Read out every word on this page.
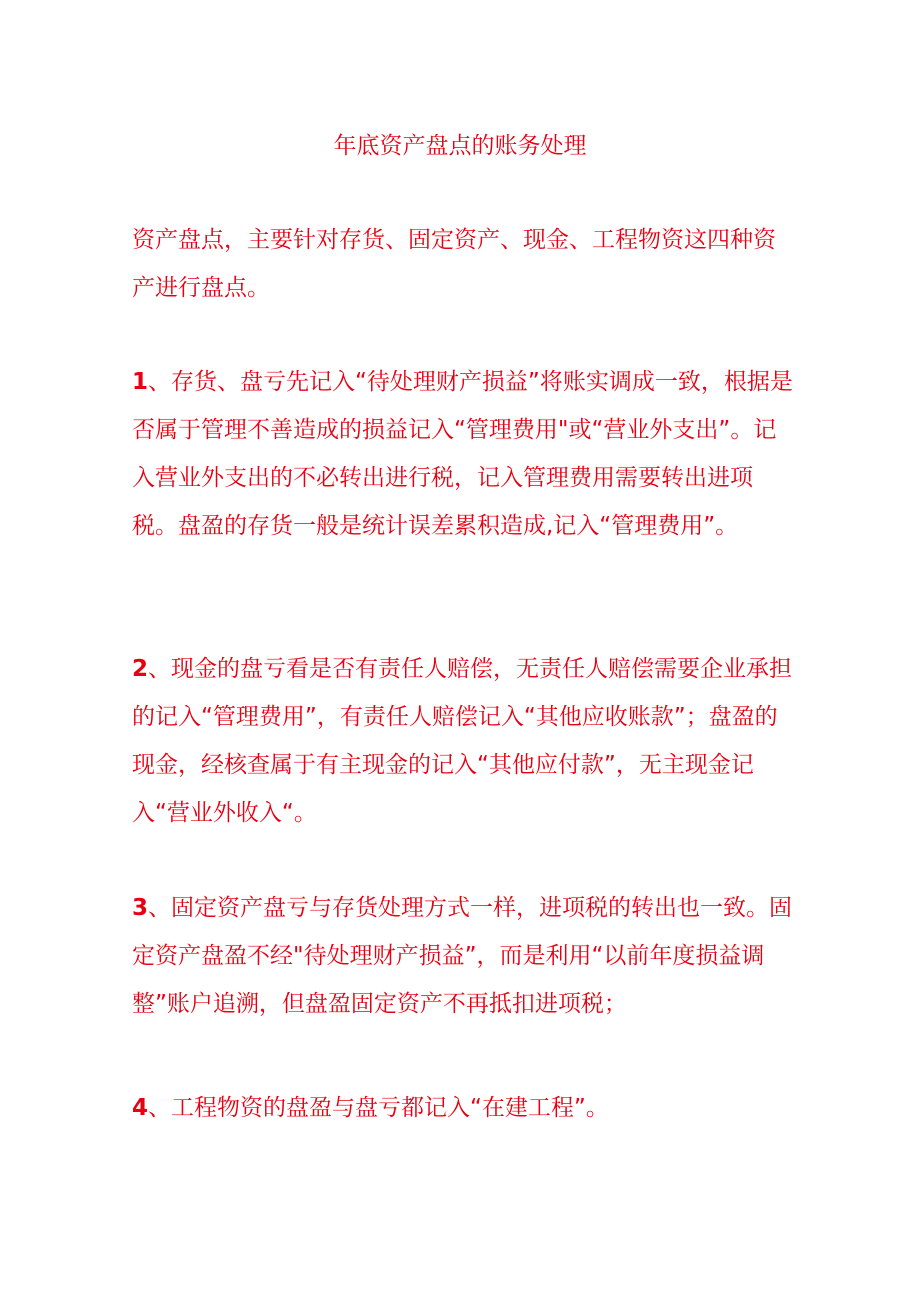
年底资产盘点的账务处理

资产盘点，主要针对存货、固定资产、现金、工程物资这四种资产进行盘点。

1、存货、盘亏先记入“待处理财产损益”将账实调成一致，根据是否属于管理不善造成的损益记入“管理费用"或“营业外支出”。记入营业外支出的不必转出进行税，记入管理费用需要转出进项税。盘盈的存货一般是统计误差累积造成,记入“管理费用”。

2、现金的盘亏看是否有责任人赔偿，无责任人赔偿需要企业承担的记入“管理费用”，有责任人赔偿记入“其他应收账款”；盘盈的现金，经核查属于有主现金的记入“其他应付款”，无主现金记入“营业外收入“。

3、固定资产盘亏与存货处理方式一样，进项税的转出也一致。固定资产盘盈不经"待处理财产损益”，而是利用“以前年度损益调整”账户追溯，但盘盈固定资产不再抵扣进项税；

4、工程物资的盘盈与盘亏都记入“在建工程”。
